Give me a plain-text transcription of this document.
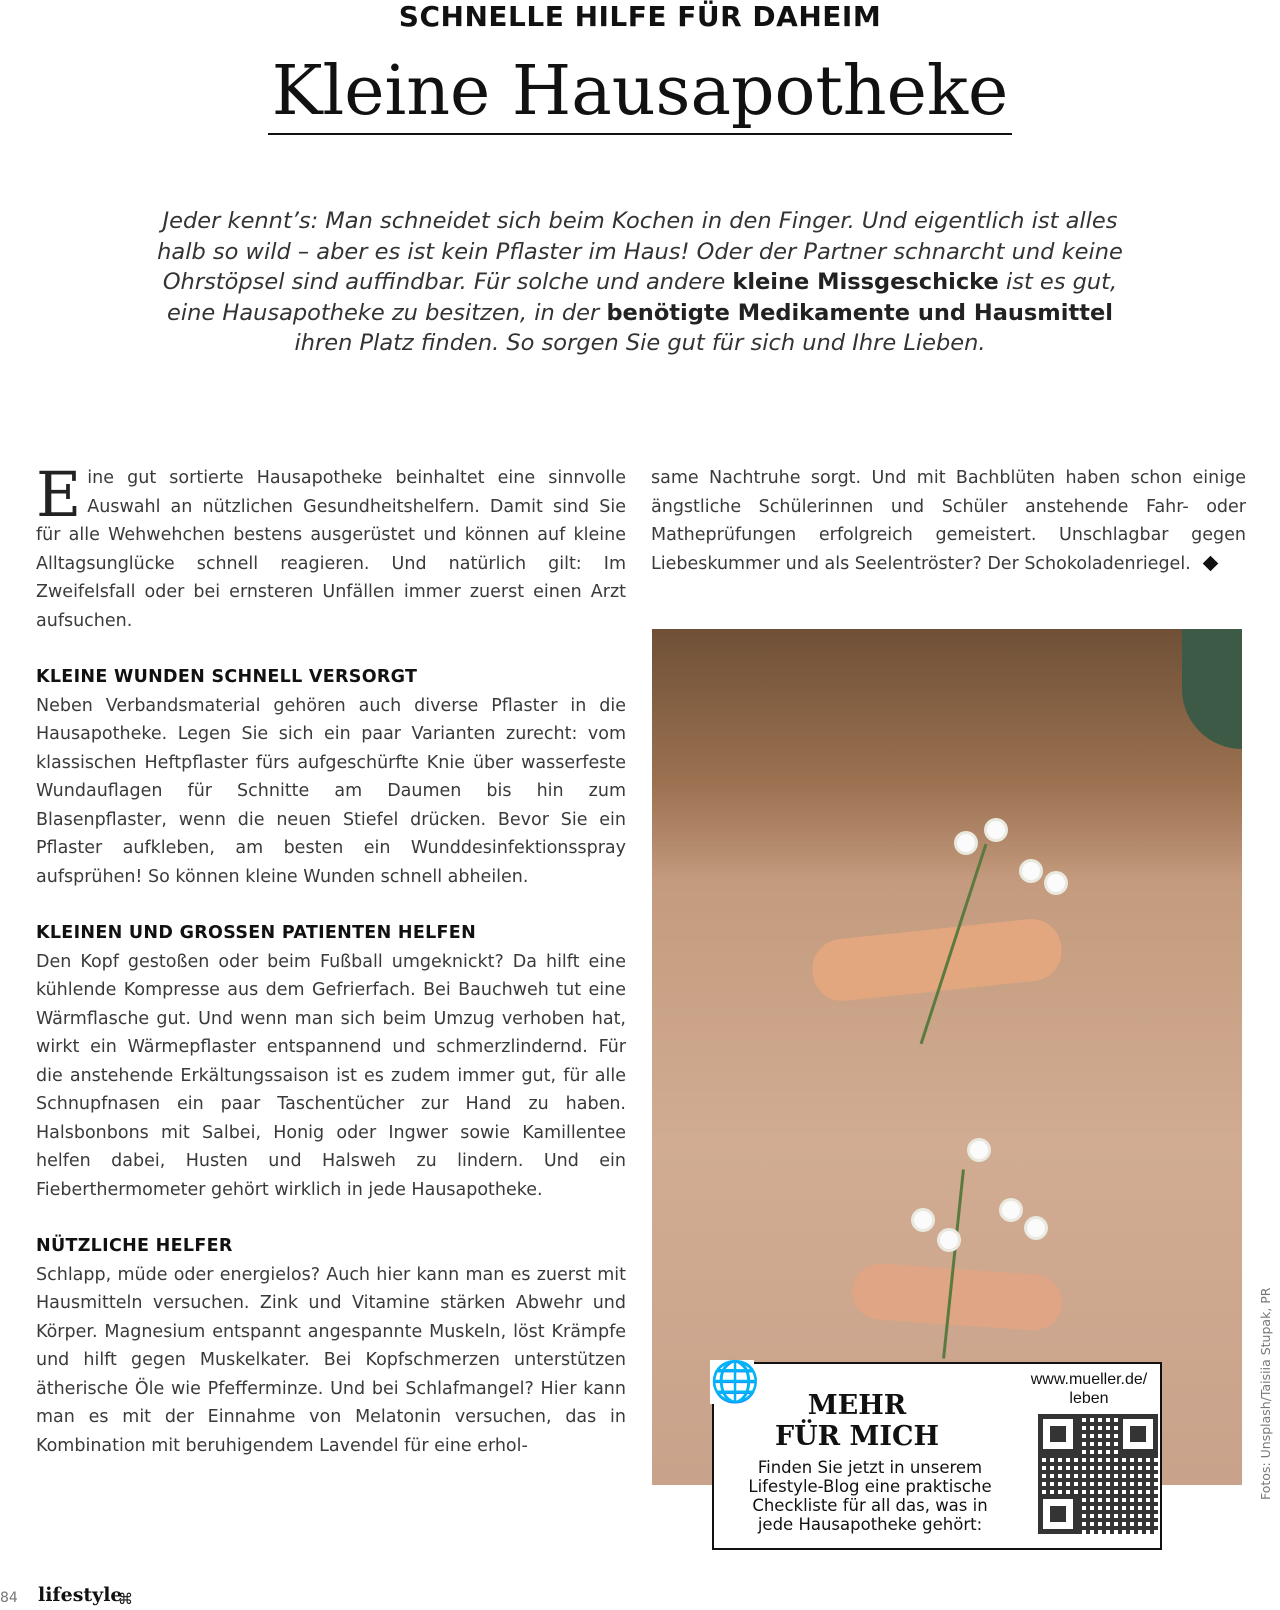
SCHNELLE HILFE FÜR DAHEIM
Kleine Hausapotheke
Jeder kennt’s: Man schneidet sich beim Kochen in den Finger. Und eigentlich ist alles halb so wild – aber es ist kein Pflaster im Haus! Oder der Partner schnarcht und keine Ohrstöpsel sind auffindbar. Für solche und andere kleine Missgeschicke ist es gut, eine Hausapotheke zu besitzen, in der benötigte Medikamente und Hausmittel ihren Platz finden. So sorgen Sie gut für sich und Ihre Lieben.

Eine gut sortierte Hausapotheke beinhaltet eine sinnvolle Auswahl an nützlichen Gesundheitshelfern. Damit sind Sie für alle Wehwehchen bestens ausgerüstet und können auf kleine Alltagsunglücke schnell reagieren. Und natürlich gilt: Im Zweifelsfall oder bei ernsteren Unfällen immer zuerst einen Arzt aufsuchen.

KLEINE WUNDEN SCHNELL VERSORGT

Neben Verbandsmaterial gehören auch diverse Pflaster in die Hausapotheke. Legen Sie sich ein paar Varianten zurecht: vom klassischen Heftpflaster fürs aufgeschürfte Knie über wasserfeste Wundauflagen für Schnitte am Daumen bis hin zum Blasenpflaster, wenn die neuen Stiefel drücken. Bevor Sie ein Pflaster aufkleben, am besten ein Wunddesinfektionsspray aufsprühen! So können kleine Wunden schnell abheilen.

KLEINEN UND GROSSEN PATIENTEN HELFEN

Den Kopf gestoßen oder beim Fußball umgeknickt? Da hilft eine kühlende Kompresse aus dem Gefrierfach. Bei Bauchweh tut eine Wärmflasche gut. Und wenn man sich beim Umzug verhoben hat, wirkt ein Wärmepflaster entspannend und schmerzlindernd. Für die anstehende Erkältungssaison ist es zudem immer gut, für alle Schnupfnasen ein paar Taschentücher zur Hand zu haben. Halsbonbons mit Salbei, Honig oder Ingwer sowie Kamillentee helfen dabei, Husten und Halsweh zu lindern. Und ein Fieberthermometer gehört wirklich in jede Hausapotheke.

NÜTZLICHE HELFER

Schlapp, müde oder energielos? Auch hier kann man es zuerst mit Hausmitteln versuchen. Zink und Vitamine stärken Abwehr und Körper. Magnesium entspannt angespannte Muskeln, löst Krämpfe und hilft gegen Muskelkater. Bei Kopfschmerzen unterstützen ätherische Öle wie Pfefferminze. Und bei Schlafmangel? Hier kann man es mit der Einnahme von Melatonin versuchen, das in Kombination mit beruhigendem Lavendel für eine erhol-

same Nachtruhe sorgt. Und mit Bachblüten haben schon einige ängstliche Schülerinnen und Schüler anstehende Fahr- oder Matheprüfungen erfolgreich gemeistert. Unschlagbar gegen Liebeskummer und als Seelentröster? Der Schokoladenriegel.

🌐
MEHR
FÜR MICH
Finden Sie jetzt in unserem Lifestyle-Blog eine praktische Checkliste für all das, was in jede Hausapotheke gehört:
www.mueller.de/
leben	Fotos: Unsplash/Taisiia Stupak, PR
84 lifestyle
⌘
